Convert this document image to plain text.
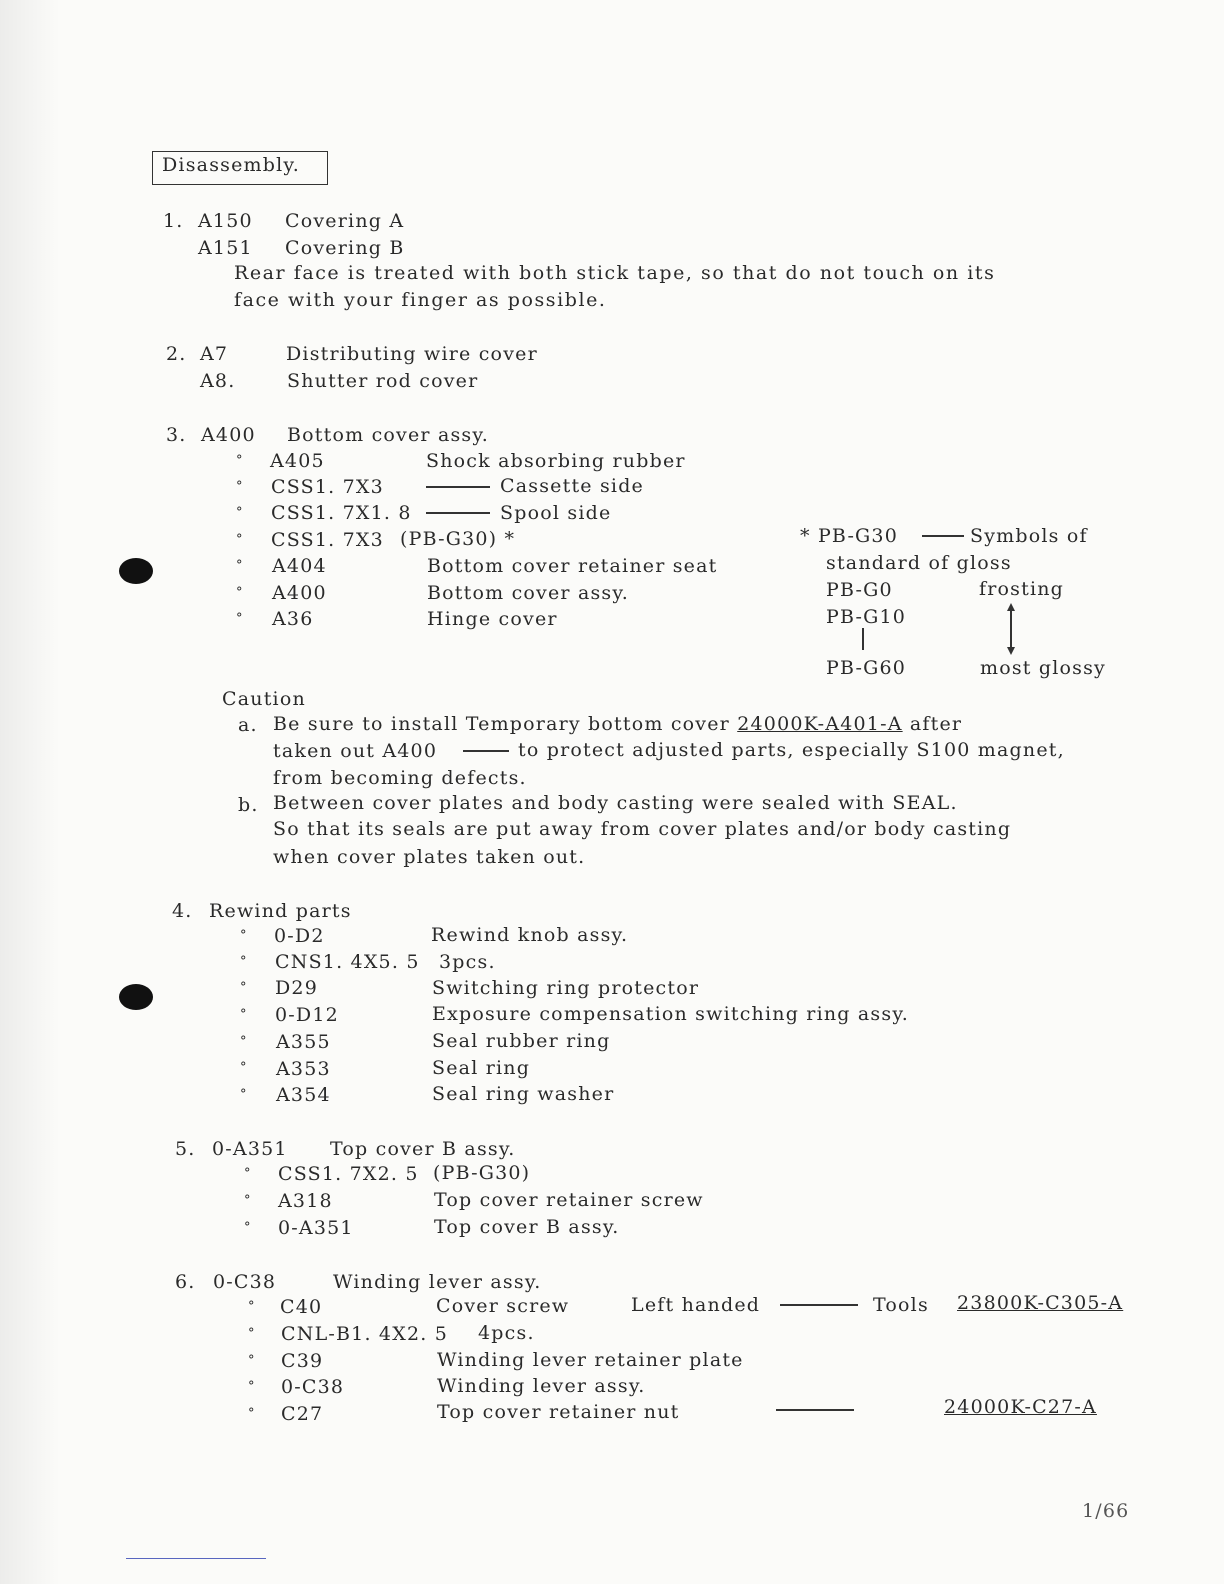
Disassembly.
1. A150 Covering A
A151 Covering B
Rear face is treated with both stick tape, so that do not touch on its
face with your finger as possible.
2. A7	Distributing wire cover
A8.	Shutter rod cover
3. A400 Bottom cover assy.
° A405	Shock absorbing rubber
° CSS1. 7X3	Cassette side
° CSS1. 7X1. 8	Spool side
° CSS1. 7X3 (PB-G30) *
° A404	Bottom cover retainer seat
° A400	Bottom cover assy.
° A36	Hinge cover
* PB-G30	Symbols of
standard of gloss
PB-G0	frosting
PB-G10
PB-G60	most glossy
Caution
a. Be sure to install Temporary bottom cover 24000K-A401-A after
taken out A400	to protect adjusted parts, especially S100 magnet,
from becoming defects.
b. Between cover plates and body casting were sealed with SEAL.
So that its seals are put away from cover plates and/or body casting
when cover plates taken out.
4. Rewind parts
° 0-D2	Rewind knob assy.
° CNS1. 4X5. 5 3pcs.
° D29	Switching ring protector
° 0-D12	Exposure compensation switching ring assy.
° A355	Seal rubber ring
° A353	Seal ring
° A354	Seal ring washer
5. 0-A351 Top cover B assy.
° CSS1. 7X2. 5 (PB-G30)
° A318	Top cover retainer screw
° 0-A351	Top cover B assy.
6. 0-C38	Winding lever assy.
° C40	Cover screw	Left handed	Tools 23800K-C305-A
° CNL-B1. 4X2. 5 4pcs.
° C39	Winding lever retainer plate
° 0-C38	Winding lever assy.
° C27	Top cover retainer nut	24000K-C27-A
1/66
